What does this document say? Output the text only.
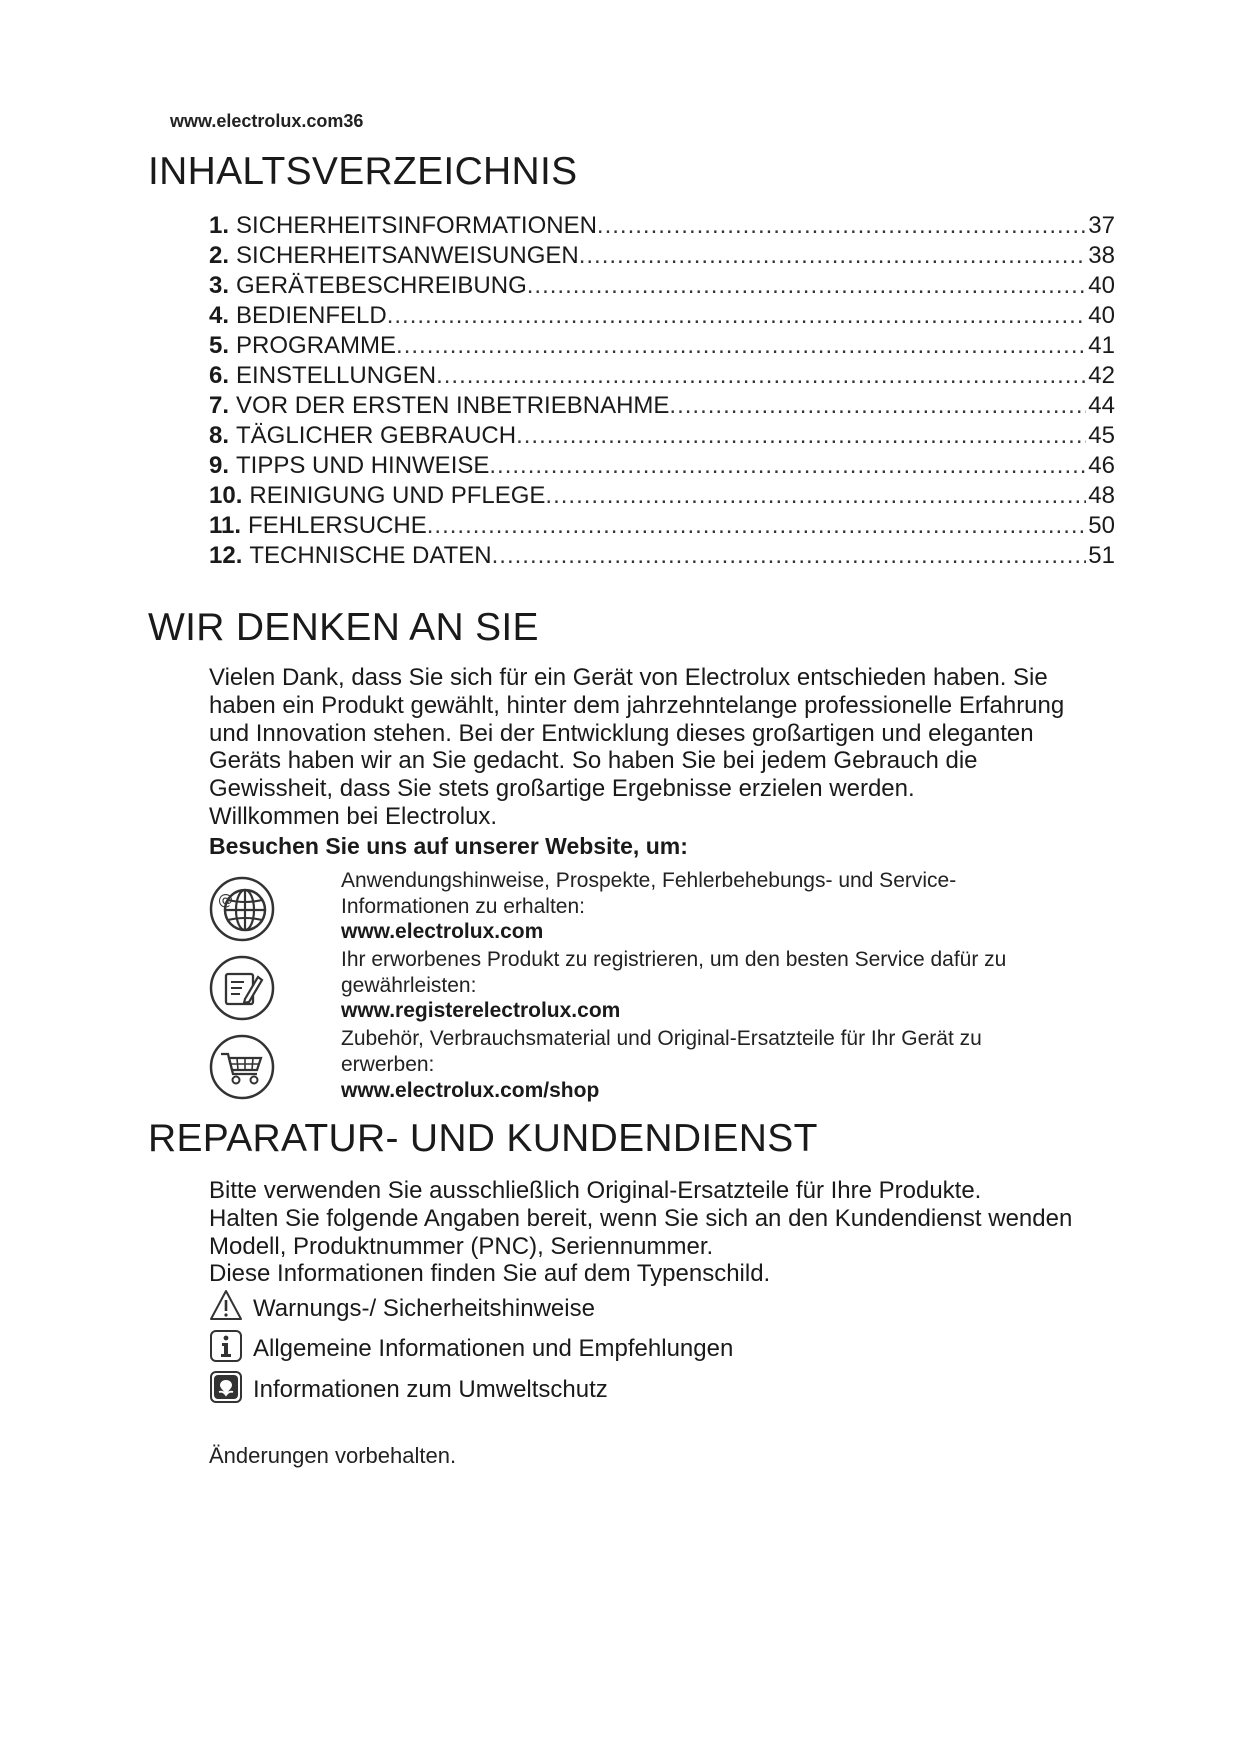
www.electrolux.com36
INHALTSVERZEICHNIS
1. SICHERHEITSINFORMATIONEN .....	37
2. SICHERHEITSANWEISUNGEN .....	38
3. GERÄTEBESCHREIBUNG .....	40
4. BEDIENFELD .....	40
5. PROGRAMME .....	41
6. EINSTELLUNGEN .....	42
7. VOR DER ERSTEN INBETRIEBNAHME .....	44
8. TÄGLICHER GEBRAUCH .....	45
9. TIPPS UND HINWEISE .....	46
10. REINIGUNG UND PFLEGE .....	48
11. FEHLERSUCHE .....	50
12. TECHNISCHE DATEN .....	51
WIR DENKEN AN SIE
Vielen Dank, dass Sie sich für ein Gerät von Electrolux entschieden haben. Sie
haben ein Produkt gewählt, hinter dem jahrzehntelange professionelle Erfahrung
und Innovation stehen. Bei der Entwicklung dieses großartigen und eleganten
Geräts haben wir an Sie gedacht. So haben Sie bei jedem Gebrauch die
Gewissheit, dass Sie stets großartige Ergebnisse erzielen werden.
Willkommen bei Electrolux.
Besuchen Sie uns auf unserer Website, um:
@
Anwendungshinweise, Prospekte, Fehlerbehebungs- und Service-
Informationen zu erhalten:
www.electrolux.com
Ihr erworbenes Produkt zu registrieren, um den besten Service dafür zu
gewährleisten:
www.registerelectrolux.com
Zubehör, Verbrauchsmaterial und Original-Ersatzteile für Ihr Gerät zu
erwerben:
www.electrolux.com/shop
REPARATUR- UND KUNDENDIENST
Bitte verwenden Sie ausschließlich Original-Ersatzteile für Ihre Produkte.
Halten Sie folgende Angaben bereit, wenn Sie sich an den Kundendienst wenden
Modell, Produktnummer (PNC), Seriennummer.
Diese Informationen finden Sie auf dem Typenschild.
Warnungs-/ Sicherheitshinweise
Allgemeine Informationen und Empfehlungen
Informationen zum Umweltschutz
Änderungen vorbehalten.
